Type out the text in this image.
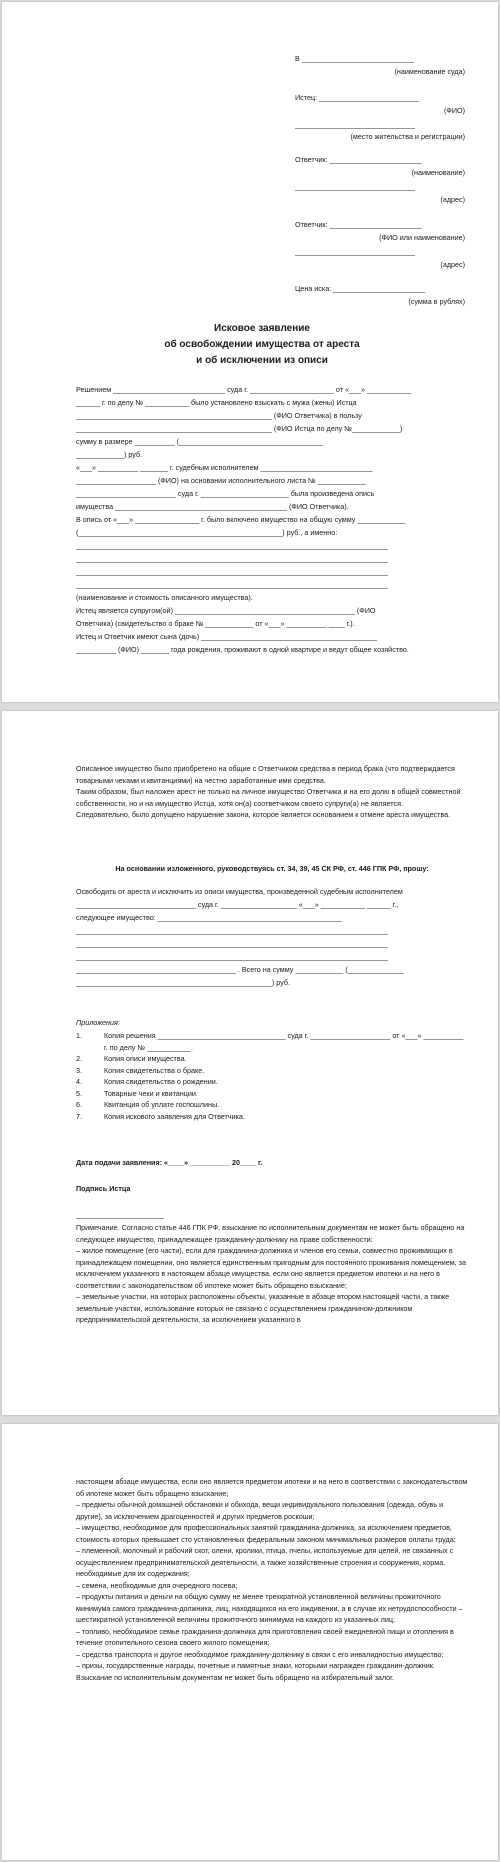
В ____________________________
(наименование суда)
Истец: _________________________
(ФИО)
______________________________
(место жительства и регистрации)
Ответчик: _______________________
(наименование)
______________________________
(адрес)
Ответчик: _______________________
(ФИО или наименование)
______________________________
(адрес)
Цена иска: _______________________
(сумма в рублях)
Исковое заявление
об освобождении имущества от ареста
и об исключении из описи
Решением ____________________________ суда г. _____________________ от «___» ___________
______ г. по делу № ___________ было установлено взыскать с мужа (жены) Истца
_________________________________________________ (ФИО Ответчика) в пользу
_________________________________________________ (ФИО Истца по делу №____________)
сумму в размере __________ (____________________________________
____________) руб.
«___» __________ _______ г. судебным исполнителем ____________________________
____________________ (ФИО) на основании исполнительного листа № ____________
_________________________ суда г. ______________________ была произведена опись
имущества ___________________________________________ (ФИО Ответчика).
В опись от «___» ________________ г. было включено имущество на общую сумму ____________
(___________________________________________________) руб., а именно:
______________________________________________________________________________
______________________________________________________________________________
______________________________________________________________________________
______________________________________________________________________________
(наименование и стоимость описанного имущества).
Истец является супругом(ой) _____________________________________________ (ФИО
Ответчика) (свидетельство о браке № ____________ от «___» __________ ____ г.).
Истец и Ответчик имеют сына (дочь) ____________________________________________
__________ (ФИО) _______ года рождения, проживают в одной квартире и ведут общее хозяйство.

Описанное имущество было приобретено на общие с Ответчиком средства в период брака (что подтверждается товарными чеками и квитанциями) на честно заработанные ими средства.

Таким образом, был наложен арест не только на личное имущество Ответчика и на его долю в общей совместной собственности, но и на имущество Истца, хотя он(а) соответчиком своего супруги(а) не является.

Следовательно, было допущено нарушение закона, которое является основанием к отмене ареста имущества.

На основании изложенного, руководствуясь ст. 34, 39, 45 СК РФ, ст. 446 ГПК РФ, прошу:
Освободить от ареста и исключить из описи имущества, произведенной судебным исполнителем
______________________________ суда г. ___________________ «___» ___________ ______ г.,
следующее имущество: ______________________________________________
______________________________________________________________________________
______________________________________________________________________________
______________________________________________________________________________
________________________________________ . Всего на сумму ____________ (______________
_________________________________________________) руб.
Приложения:
1.	Копия решения ________________________________ суда г. ____________________ от «___» __________ г. по делу № ___________.
2.	Копия описи имущества.
3.	Копия свидетельства о браке.
4.	Копия свидетельства о рождении.
5.	Товарные чеки и квитанции.
6.	Квитанция об уплате госпошлины.
7.	Копия искового заявления для Ответчика.
Дата подачи заявления: «____» __________ 20____ г.
Подпись Истца
______________________

Примечание. Согласно статье 446 ГПК РФ, взыскание по исполнительным документам не может быть обращено на следующее имущество, принадлежащее гражданину-должнику на праве собственности:

– жилое помещение (его части), если для гражданина-должника и членов его семьи, совместно проживающих в принадлежащем помещении, оно является единственным пригодным для постоянного проживания помещением, за исключением указанного в настоящем абзаце имущества, если оно является предметом ипотеки и на него в соответствии с законодательством об ипотеке может быть обращено взыскание;

– земельные участки, на которых расположены объекты, указанные в абзаце втором настоящей части, а также земельные участки, использование которых не связано с осуществлением гражданином-должником предпринимательской деятельности, за исключением указанного в

настоящем абзаце имущества, если оно является предметом ипотеки и на него в соответствии с законодательством об ипотеке может быть обращено взыскание;

– предметы обычной домашней обстановки и обихода, вещи индивидуального пользования (одежда, обувь и другие), за исключением драгоценностей и других предметов роскоши;

– имущество, необходимое для профессиональных занятий гражданина-должника, за исключением предметов, стоимость которых превышает сто установленных федеральным законом минимальных размеров оплаты труда;

– племенной, молочный и рабочий скот, олени, кролики, птица, пчелы, используемые для целей, не связанных с осуществлением предпринимательской деятельности, а также хозяйственные строения и сооружения, корма, необходимые для их содержания;

– семена, необходимые для очередного посева;

– продукты питания и деньги на общую сумму не менее трехкратной установленной величины прожиточного минимума самого гражданина-должника, лиц, находящихся на его иждивении, а в случае их нетрудоспособности – шестикратной установленной величины прожиточного минимума на каждого из указанных лиц;

– топливо, необходимое семье гражданина-должника для приготовления своей ежедневной пищи и отопления в течение отопительного сезона своего жилого помещения;

– средства транспорта и другое необходимое гражданину-должнику в связи с его инвалидностью имущество;

– призы, государственные награды, почетные и памятные знаки, которыми награжден гражданин-должник.

Взыскание по исполнительным документам не может быть обращено на избирательный залог.
